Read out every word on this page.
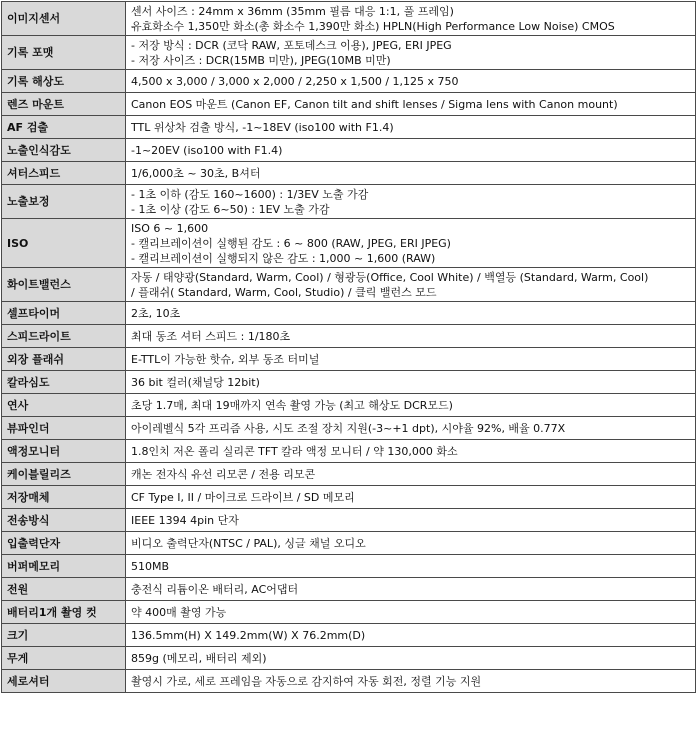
이미지센서	센서 사이즈 : 24mm x 36mm (35mm 필름 대응 1:1, 풀 프레임)
유효화소수 1,350만 화소(총 화소수 1,390만 화소) HPLN(High Performance Low Noise) CMOS

기록 포맷	- 저장 방식 : DCR (코닥 RAW, 포토데스크 이용), JPEG, ERI JPEG
- 저장 사이즈 : DCR(15MB 미만), JPEG(10MB 미만)

기록 해상도	4,500 x 3,000 / 3,000 x 2,000 / 2,250 x 1,500 / 1,125 x 750

렌즈 마운트	Canon EOS 마운트 (Canon EF, Canon tilt and shift lenses / Sigma lens with Canon mount)

AF 검출	TTL 위상차 검출 방식, -1~18EV (iso100 with F1.4)

노출인식감도	-1~20EV (iso100 with F1.4)

셔터스피드	1/6,000초 ~ 30초, B셔터

노출보정	- 1초 이하 (감도 160~1600) : 1/3EV 노출 가감
- 1초 이상 (감도 6~50) : 1EV 노출 가감

ISO	ISO 6 ~ 1,600
- 캘리브레이션이 실행된 감도 : 6 ~ 800 (RAW, JPEG, ERI JPEG)
- 캘리브레이션이 실행되지 않은 감도 : 1,000 ~ 1,600 (RAW)

화이트밸런스	자동 / 태양광(Standard, Warm, Cool) / 형광등(Office, Cool White) / 백열등 (Standard, Warm, Cool)
/ 플래쉬( Standard, Warm, Cool, Studio) / 클릭 밸런스 모드

셀프타이머	2초, 10초

스피드라이트	최대 동조 셔터 스피드 : 1/180초

외장 플래쉬	E-TTL이 가능한 핫슈, 외부 동조 터미널

칼라심도	36 bit 컬러(채널당 12bit)

연사	초당 1.7매, 최대 19매까지 연속 촬영 가능 (최고 해상도 DCR모드)

뷰파인더	아이레벨식 5각 프리즘 사용, 시도 조절 장치 지원(-3~+1 dpt), 시야율 92%, 배율 0.77X

액정모니터	1.8인치 저온 폴리 실리콘 TFT 칼라 액정 모니터 / 약 130,000 화소

케이블릴리즈	캐논 전자식 유선 리모콘 / 전용 리모콘

저장매체	CF Type I, II / 마이크로 드라이브 / SD 메모리

전송방식	IEEE 1394 4pin 단자

입출력단자	비디오 출력단자(NTSC / PAL), 싱글 채널 오디오

버퍼메모리	510MB

전원	충전식 리튬이온 배터리, AC어댑터

배터리1개 촬영 컷	약 400매 촬영 가능

크기	136.5mm(H) X 149.2mm(W) X 76.2mm(D)

무게	859g (메모리, 배터리 제외)

세로셔터	촬영시 가로, 세로 프레임을 자동으로 감지하여 자동 회전, 정렬 기능 지원
